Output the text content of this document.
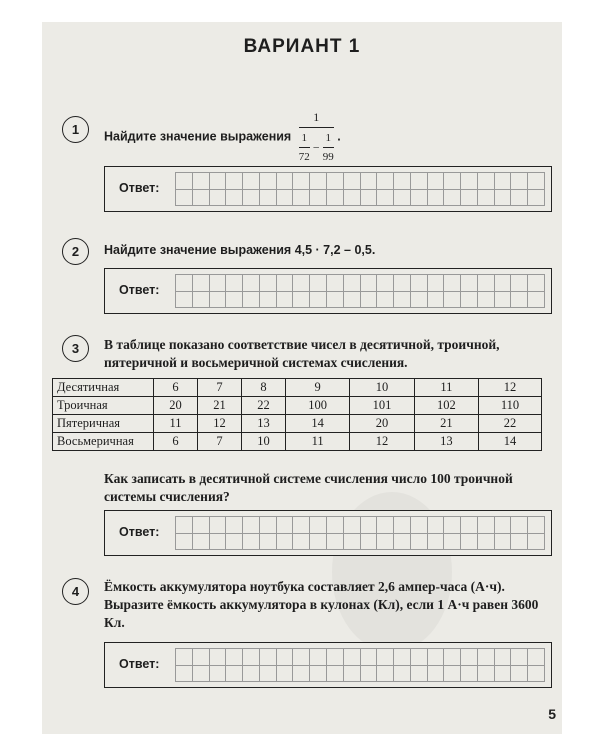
ВАРИАНТ 1
1	Найдите значение выражения $\frac{1}{\frac{1}{72} - \frac{1}{99}}$ .
Ответ:
2	Найдите значение выражения 4,5 · 7,2 – 0,5.
Ответ:
3	В таблице показано соответствие чисел в десятичной, троичной, пятеричной и восьмеричной системах счисления.
Десятичная	6	7	8	9	10	11	12
Троичная	20	21	22	100	101	102	110
Пятеричная	11	12	13	14	20	21	22
Восьмеричная	6	7	10	11	12	13	14
Как записать в десятичной системе счисления число 100 троичной системы счисления?
Ответ:
4	Ёмкость аккумулятора ноутбука составляет 2,6 ампер-часа (А·ч). Выразите ёмкость аккумулятора в кулонах (Кл), если 1 А·ч равен 3600 Кл.
Ответ:
5
